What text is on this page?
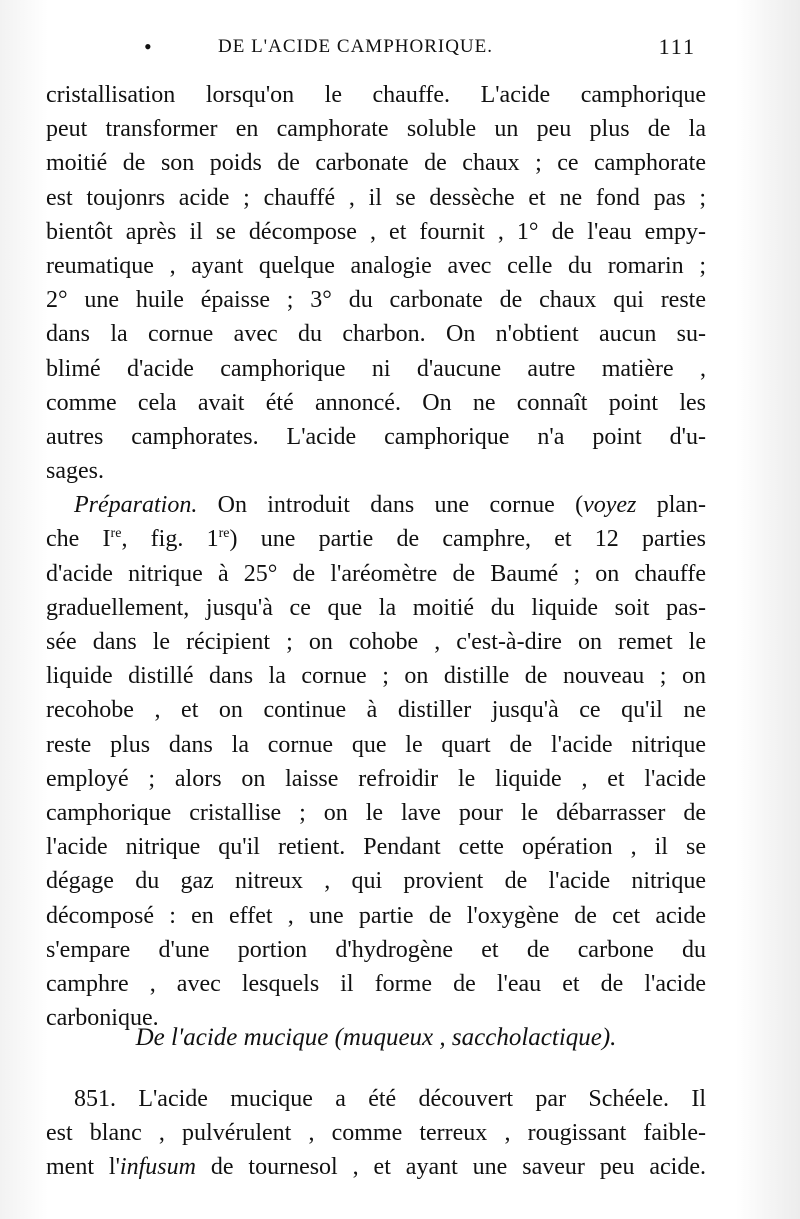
•	DE L'ACIDE CAMPHORIQUE.	111
cristallisation lorsqu'on le chauffe. L'acide camphorique
peut transformer en camphorate soluble un peu plus de la
moitié de son poids de carbonate de chaux ; ce camphorate
est toujonrs acide ; chauffé , il se dessèche et ne fond pas ;
bientôt après il se décompose , et fournit , 1° de l'eau empy-
reumatique , ayant quelque analogie avec celle du romarin ;
2° une huile épaisse ; 3° du carbonate de chaux qui reste
dans la cornue avec du charbon. On n'obtient aucun su-
blimé d'acide camphorique ni d'aucune autre matière ,
comme cela avait été annoncé. On ne connaît point les
autres camphorates. L'acide camphorique n'a point d'u-
sages.
Préparation. On introduit dans une cornue (voyez plan-
che Ire, fig. 1re) une partie de camphre, et 12 parties
d'acide nitrique à 25° de l'aréomètre de Baumé ; on chauffe
graduellement, jusqu'à ce que la moitié du liquide soit pas-
sée dans le récipient ; on cohobe , c'est-à-dire on remet le
liquide distillé dans la cornue ; on distille de nouveau ; on
recohobe , et on continue à distiller jusqu'à ce qu'il ne
reste plus dans la cornue que le quart de l'acide nitrique
employé ; alors on laisse refroidir le liquide , et l'acide
camphorique cristallise ; on le lave pour le débarrasser de
l'acide nitrique qu'il retient. Pendant cette opération , il se
dégage du gaz nitreux , qui provient de l'acide nitrique
décomposé : en effet , une partie de l'oxygène de cet acide
s'empare d'une portion d'hydrogène et de carbone du
camphre , avec lesquels il forme de l'eau et de l'acide
carbonique.
De l'acide mucique (muqueux , saccholactique).
851. L'acide mucique a été découvert par Schéele. Il
est blanc , pulvérulent , comme terreux , rougissant faible-
ment l'infusum de tournesol , et ayant une saveur peu acide.
